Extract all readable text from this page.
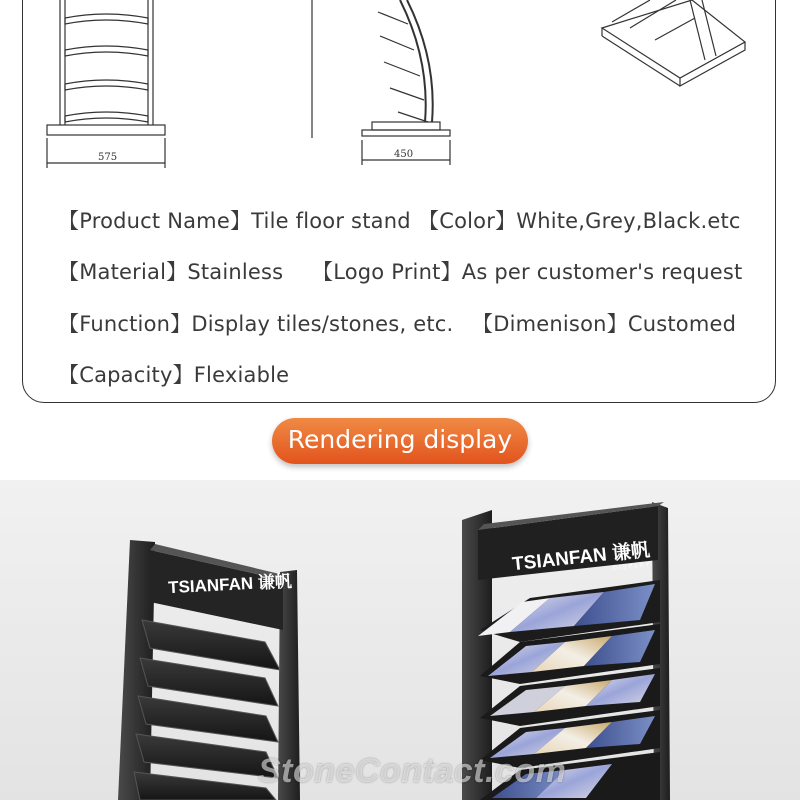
575	450
【Product Name】Tile floor stand 【Color】White,Grey,Black.etc
【Material】Stainless 【Logo Print】As per customer's request
【Function】Display tiles/stones, etc. 【Dimenison】Customed
【Capacity】Flexiable
Rendering display
TSIANFAN 谦帆
TSIANFAN 谦帆
DISPLAY
StoneContact.com
